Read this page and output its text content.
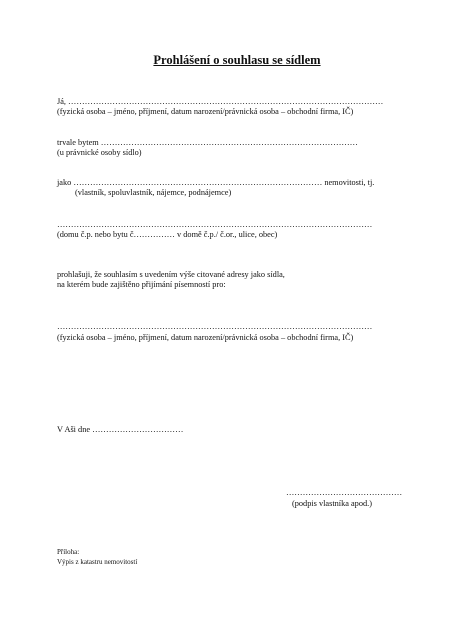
Prohlášení o souhlasu se sídlem
Já, ……………………………………………………………………………………………………
(fyzická osoba – jméno, příjmení, datum narození/právnická osoba – obchodní firma, IČ)
trvale bytem …………………………………………………………………………………
(u právnické osoby sídlo)
jako ……………………………………………………………………………… nemovitosti, tj.
(vlastník, spoluvlastník, nájemce, podnájemce)
……………………………………………………………………………………………………
(domu č.p. nebo bytu č…………… v domě č.p./ č.or., ulice, obec)
prohlašuji, že souhlasím s uvedením výše citované adresy jako sídla,
na kterém bude zajištěno přijímání písemností pro:
……………………………………………………………………………………………………
(fyzická osoba – jméno, příjmení, datum narození/právnická osoba – obchodní firma, IČ)
V Aši dne ……………………………
……………………………………
(podpis vlastníka apod.)
Příloha:
Výpis z katastru nemovitostí
